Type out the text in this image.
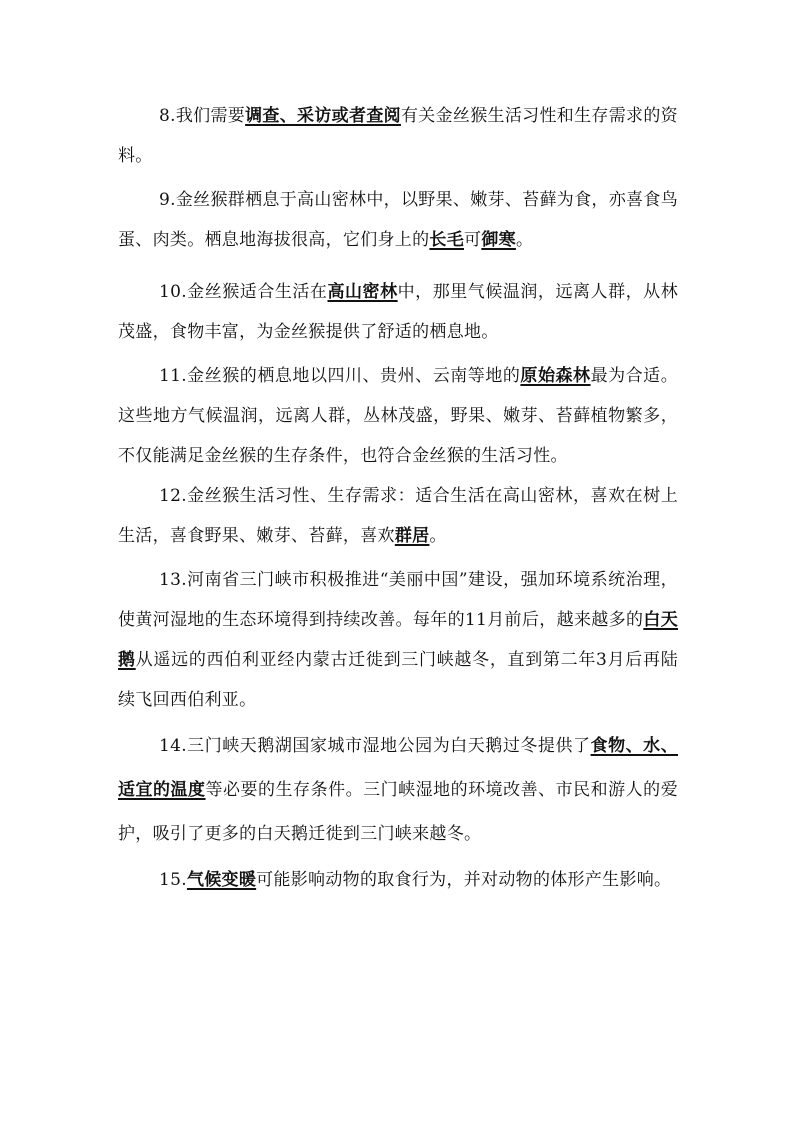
8.我们需要调查、采访或者查阅有关金丝猴生活习性和生存需求的资料。

9.金丝猴群栖息于高山密林中，以野果、嫩芽、苔藓为食，亦喜食鸟蛋、肉类。栖息地海拔很高，它们身上的长毛可御寒。

10.金丝猴适合生活在高山密林中，那里气候温润，远离人群，从林茂盛，食物丰富，为金丝猴提供了舒适的栖息地。

11.金丝猴的栖息地以四川、贵州、云南等地的原始森林最为合适。这些地方气候温润，远离人群，丛林茂盛，野果、嫩芽、苔藓植物繁多，不仅能满足金丝猴的生存条件，也符合金丝猴的生活习性。

12.金丝猴生活习性、生存需求：适合生活在高山密林，喜欢在树上生活，喜食野果、嫩芽、苔藓，喜欢群居。

13.河南省三门峡市积极推进“美丽中国”建设，强加环境系统治理，使黄河湿地的生态环境得到持续改善。每年的11月前后，越来越多的白天鹅从遥远的西伯利亚经内蒙古迁徙到三门峡越冬，直到第二年3月后再陆续飞回西伯利亚。

14.三门峡天鹅湖国家城市湿地公园为白天鹅过冬提供了食物、水、适宜的温度等必要的生存条件。三门峡湿地的环境改善、市民和游人的爱护，吸引了更多的白天鹅迁徙到三门峡来越冬。

15.气候变暖可能影响动物的取食行为，并对动物的体形产生影响。
